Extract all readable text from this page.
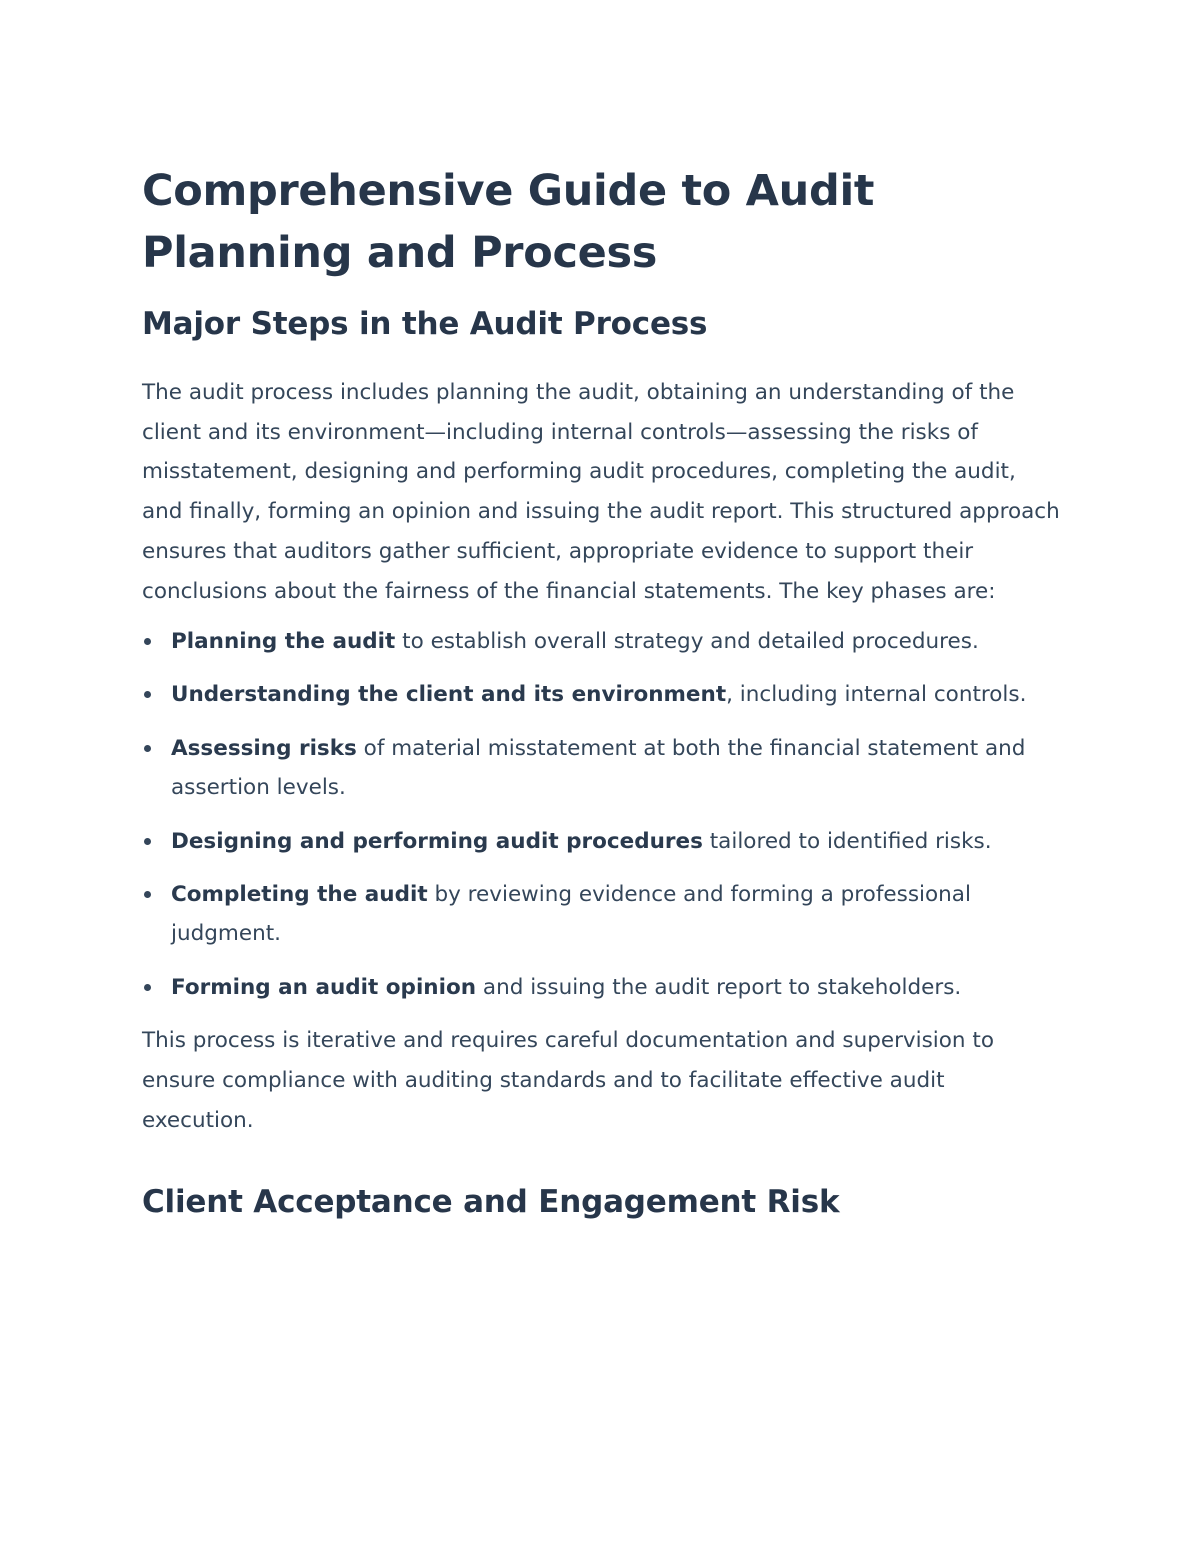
Comprehensive Guide to Audit Planning and Process
Major Steps in the Audit Process

The audit process includes planning the audit, obtaining an understanding of the client and its environment—including internal controls—assessing the risks of misstatement, designing and performing audit procedures, completing the audit, and finally, forming an opinion and issuing the audit report. This structured approach ensures that auditors gather sufficient, appropriate evidence to support their conclusions about the fairness of the financial statements. The key phases are:

Planning the audit to establish overall strategy and detailed procedures.
Understanding the client and its environment, including internal controls.
Assessing risks of material misstatement at both the financial statement and assertion levels.
Designing and performing audit procedures tailored to identified risks.
Completing the audit by reviewing evidence and forming a professional judgment.
Forming an audit opinion and issuing the audit report to stakeholders.

This process is iterative and requires careful documentation and supervision to ensure compliance with auditing standards and to facilitate effective audit execution.

Client Acceptance and Engagement Risk
